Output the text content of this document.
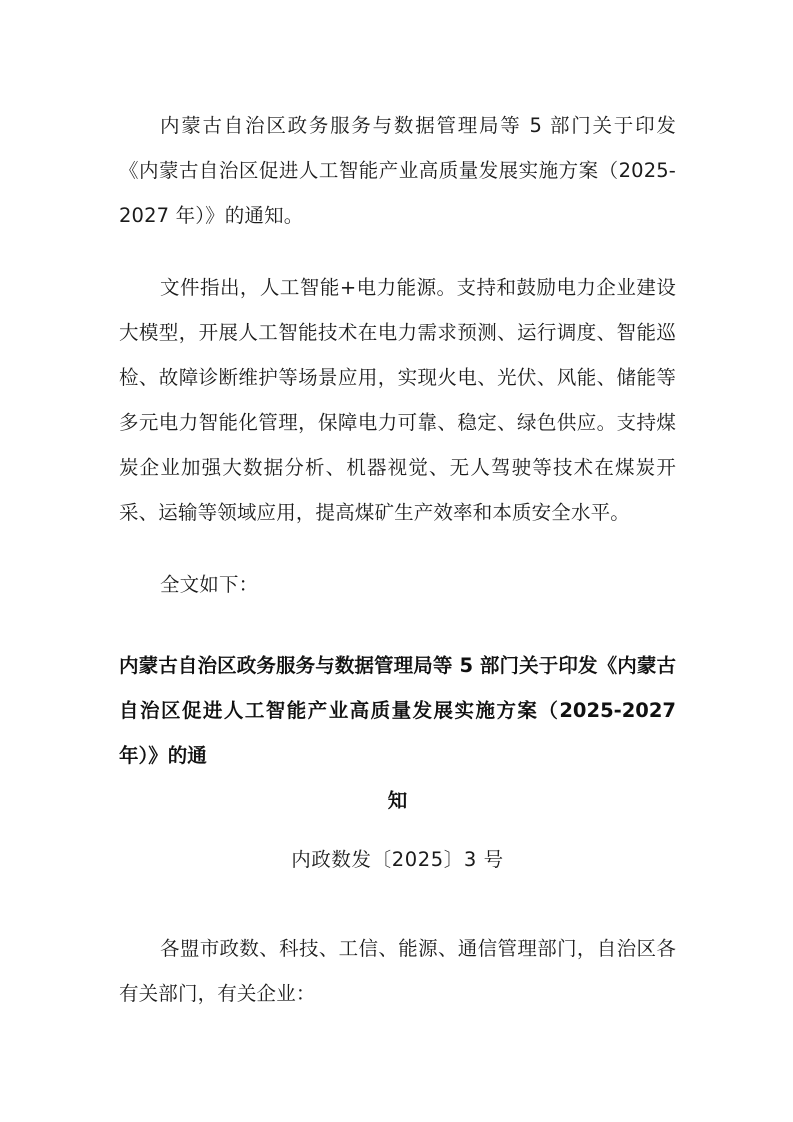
内蒙古自治区政务服务与数据管理局等 5 部门关于印发《内蒙古自治区促进人工智能产业高质量发展实施方案（2025-2027 年）》的通知。

文件指出，人工智能+电力能源。支持和鼓励电力企业建设大模型，开展人工智能技术在电力需求预测、运行调度、智能巡检、故障诊断维护等场景应用，实现火电、光伏、风能、储能等多元电力智能化管理，保障电力可靠、稳定、绿色供应。支持煤炭企业加强大数据分析、机器视觉、无人驾驶等技术在煤炭开采、运输等领域应用，提高煤矿生产效率和本质安全水平。

全文如下：

内蒙古自治区政务服务与数据管理局等 5 部门关于印发《内蒙古自治区促进人工智能产业高质量发展实施方案（2025-2027 年）》的通
知

内政数发〔2025〕3 号

各盟市政数、科技、工信、能源、通信管理部门，自治区各有关部门，有关企业：
